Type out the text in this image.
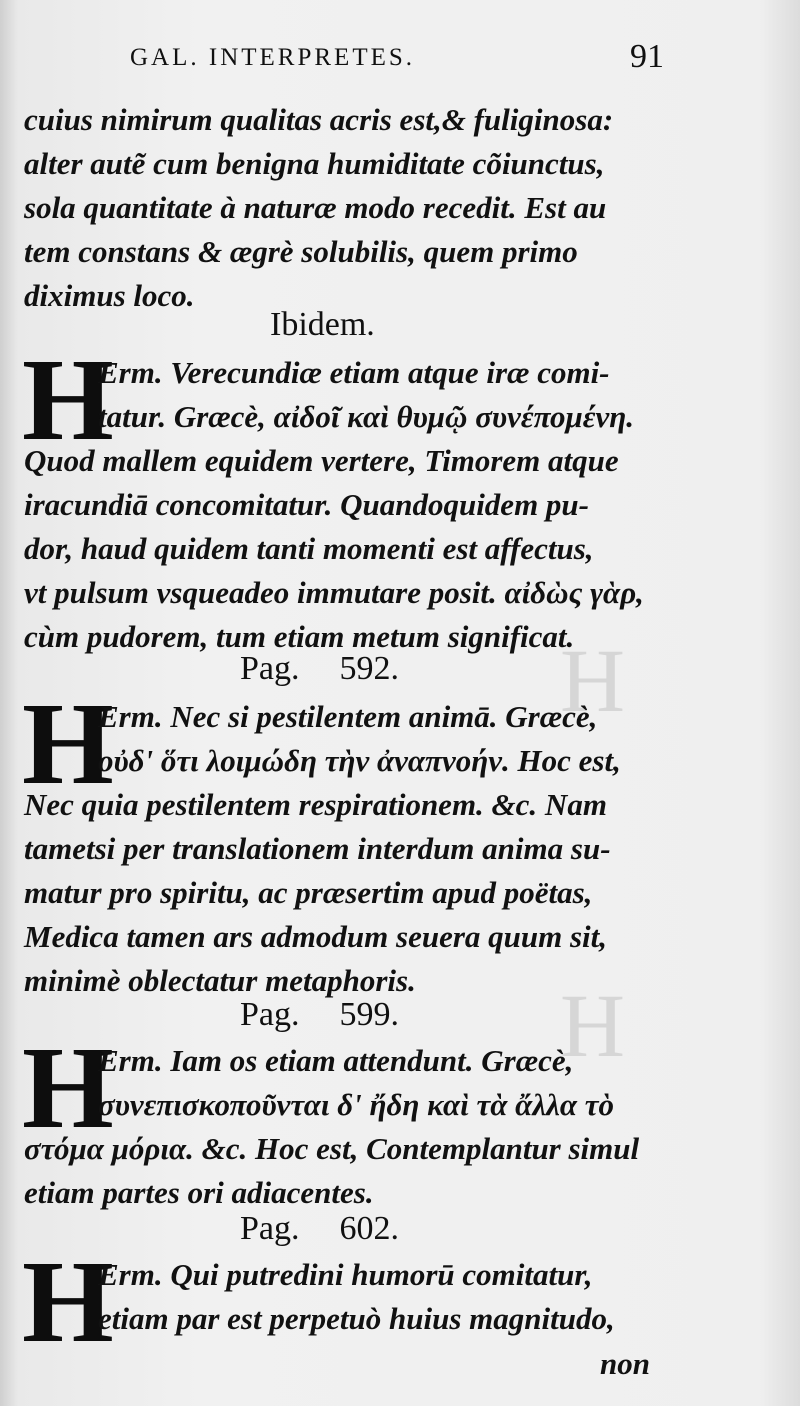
H
H
GAL. INTERPRETES.	91
cuius nimirum qualitas acris est,& fuliginosa:
alter autẽ cum benigna humiditate cõiunctus,
sola quantitate à naturæ modo recedit. Est au
tem constans & ægrè solubilis, quem primo
diximus loco.
Ibidem.
H
Erm. Verecundiæ etiam atque iræ comi-
tatur. Græcè, αἰδοῖ καὶ θυμῷ συνέπομένη.
Quod mallem equidem vertere, Timorem atque
iracundiā concomitatur. Quandoquidem pu-
dor, haud quidem tanti momenti est affectus,
vt pulsum vsqueadeo immutare posit. αἰδὼς γὰρ,
cùm pudorem, tum etiam metum significat.
Pag. 592.
H
Erm. Nec si pestilentem animā. Græcè,
οὐδ' ὅτι λοιμώδη τὴν ἀναπνοήν. Hoc est,
Nec quia pestilentem respirationem. &c. Nam
tametsi per translationem interdum anima su-
matur pro spiritu, ac præsertim apud poëtas,
Medica tamen ars admodum seuera quum sit,
minimè oblectatur metaphoris.
Pag. 599.
H
Erm. Iam os etiam attendunt. Græcè,
συνεπισκοποῦνται δ' ἤδη καὶ τὰ ἄλλα τὸ
στόμα μόρια. &c. Hoc est, Contemplantur simul
etiam partes ori adiacentes.
Pag. 602.
H
Erm. Qui putredini humorū comitatur,
etiam par est perpetuò huius magnitudo,
non
